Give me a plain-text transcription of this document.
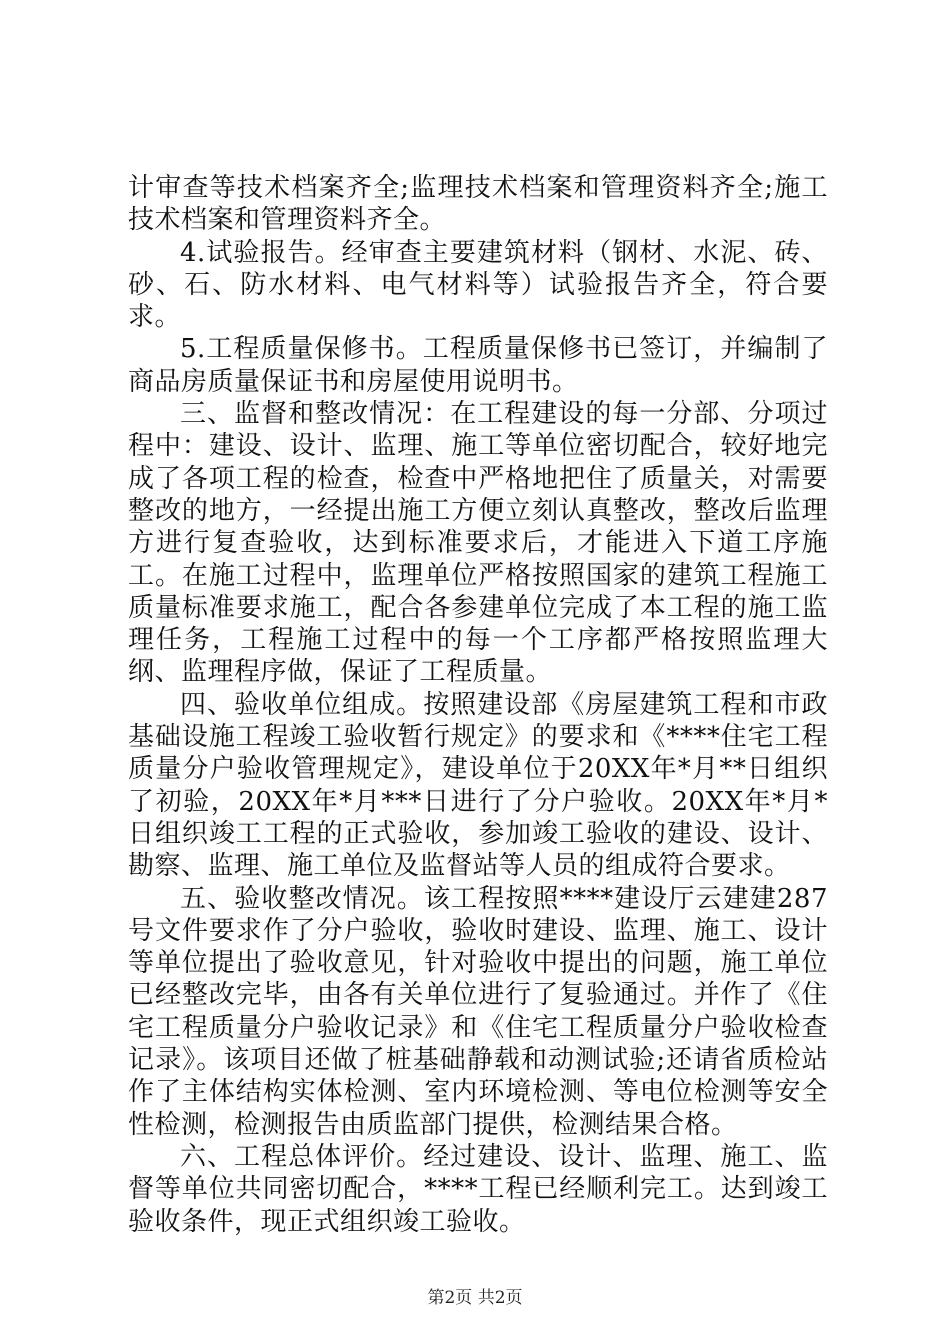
计审查等技术档案齐全;监理技术档案和管理资料齐全;施工技术档案和管理资料齐全。

4.试验报告。经审查主要建筑材料（钢材、水泥、砖、砂、石、防水材料、电气材料等）试验报告齐全，符合要求。

5.工程质量保修书。工程质量保修书已签订，并编制了商品房质量保证书和房屋使用说明书。

三、监督和整改情况：在工程建设的每一分部、分项过程中：建设、设计、监理、施工等单位密切配合，较好地完成了各项工程的检查，检查中严格地把住了质量关，对需要整改的地方，一经提出施工方便立刻认真整改，整改后监理方进行复查验收，达到标准要求后，才能进入下道工序施工。在施工过程中，监理单位严格按照国家的建筑工程施工质量标准要求施工，配合各参建单位完成了本工程的施工监理任务，工程施工过程中的每一个工序都严格按照监理大纲、监理程序做，保证了工程质量。

四、验收单位组成。按照建设部《房屋建筑工程和市政基础设施工程竣工验收暂行规定》的要求和《****住宅工程质量分户验收管理规定》，建设单位于20XX年*月**日组织了初验，20XX年*月***日进行了分户验收。20XX年*月*日组织竣工工程的正式验收，参加竣工验收的建设、设计、勘察、监理、施工单位及监督站等人员的组成符合要求。

五、验收整改情况。该工程按照****建设厅云建建287号文件要求作了分户验收，验收时建设、监理、施工、设计等单位提出了验收意见，针对验收中提出的问题，施工单位已经整改完毕，由各有关单位进行了复验通过。并作了《住宅工程质量分户验收记录》和《住宅工程质量分户验收检查记录》。该项目还做了桩基础静载和动测试验;还请省质检站作了主体结构实体检测、室内环境检测、等电位检测等安全性检测，检测报告由质监部门提供，检测结果合格。

六、工程总体评价。经过建设、设计、监理、施工、监督等单位共同密切配合，****工程已经顺利完工。达到竣工验收条件，现正式组织竣工验收。

第2页 共2页
